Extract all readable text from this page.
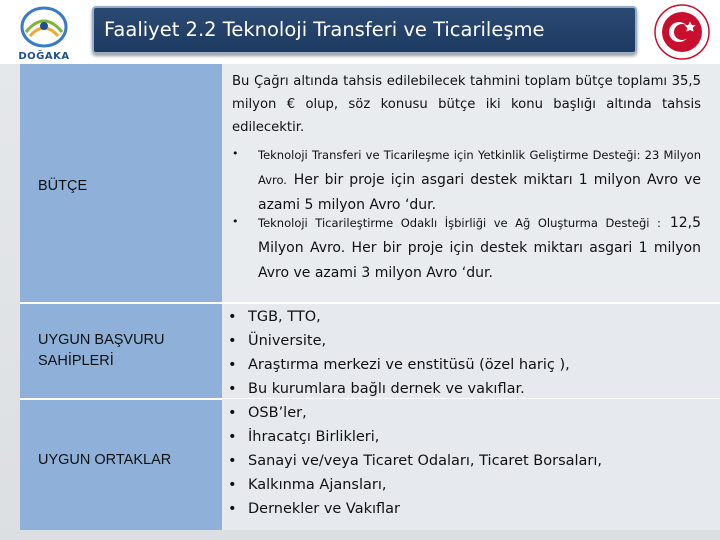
DOĞAKA
Faaliyet 2.2 Teknoloji Transferi ve Ticarileşme
BÜTÇE
UYGUN BAŞVURU SAHİPLERİ
UYGUN ORTAKLAR
Bu Çağrı altında tahsis edilebilecek tahmini toplam bütçe toplamı 35,5 milyon € olup, söz konusu bütçe iki konu başlığı altında tahsis edilecektir.
• Teknoloji Transferi ve Ticarileşme için Yetkinlik Geliştirme Desteği: 23 Milyon Avro. Her bir proje için asgari destek miktarı 1 milyon Avro ve azami 5 milyon Avro ‘dur.
• Teknoloji Ticarileştirme Odaklı İşbirliği ve Ağ Oluşturma Desteği : 12,5 Milyon Avro. Her bir proje için destek miktarı asgari 1 milyon Avro ve azami 3 milyon Avro ‘dur.
• TGB, TTO,
• Üniversite,
• Araştırma merkezi ve enstitüsü (özel hariç ),
• Bu kurumlara bağlı dernek ve vakıflar.
• OSB’ler,
• İhracatçı Birlikleri,
• Sanayi ve/veya Ticaret Odaları, Ticaret Borsaları,
• Kalkınma Ajansları,
• Dernekler ve Vakıflar
